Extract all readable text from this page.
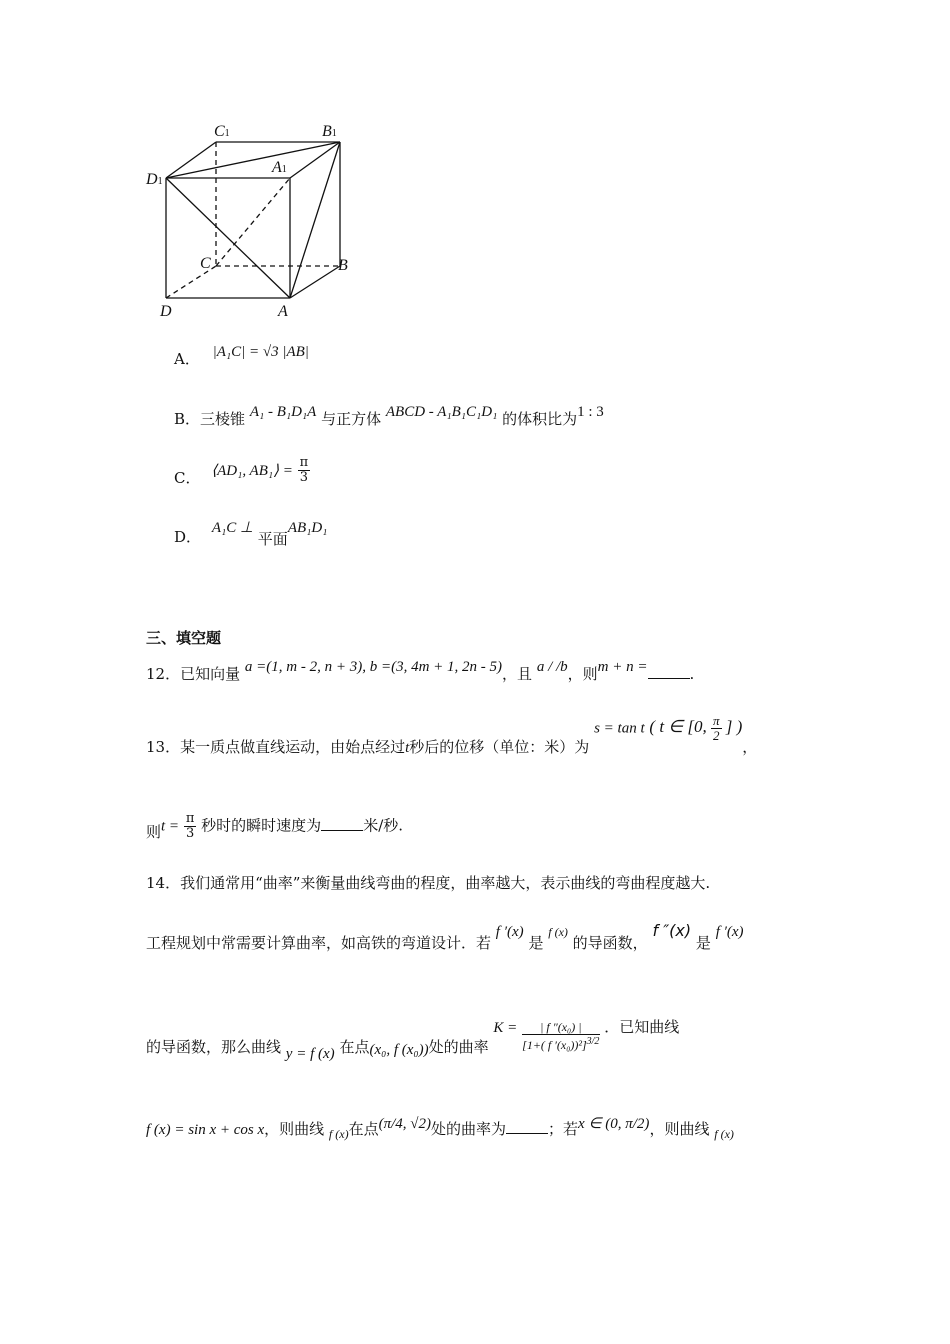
C1	B1
D1
A1
C	B
D	A
A． |A₁C| = √3 |AB|
B．三棱锥 A₁ - B₁D₁A 与正方体 ABCD - A₁B₁C₁D₁ 的体积比为1 : 3
C． ⟨AD₁, AB₁⟩ = $\frac{\pi}{3}$
D． A₁C ⊥ 平面AB₁D₁
三、填空题
12．已知向量 a =(1, m - 2, n + 3), b =(3, 4m + 1, 2n - 5)，且 a / /b，则m + n =	.
13．某一质点做直线运动，由始点经过t秒后的位移（单位：米）为 s = tan t ( t ∈ [0, $\frac{\pi}{2}$ ] )，
则$t = \frac{\pi}{3}$ 秒时的瞬时速度为	米/秒.
14．我们通常用“曲率”来衡量曲线弯曲的程度，曲率越大，表示曲线的弯曲程度越大.
工程规划中常需要计算曲率，如高铁的弯道设计．若 f ′(x) 是 f (x) 的导函数， f ″(x) 是 f ′(x)
的导函数，那么曲线 y = f (x) 在点(x₀, f (x₀))处的曲率 $K = \frac{\text{| f ″(x₀) |}}{[1+( f '(x_0))^2]^{3/2}}$ ．已知曲线
f (x) = sin x + cos x，则曲线 $_{f (x)}$在点(π/4, √2)处的曲率为	；若x ∈ (0, π/2)，则曲线 $_{f (x)}$
